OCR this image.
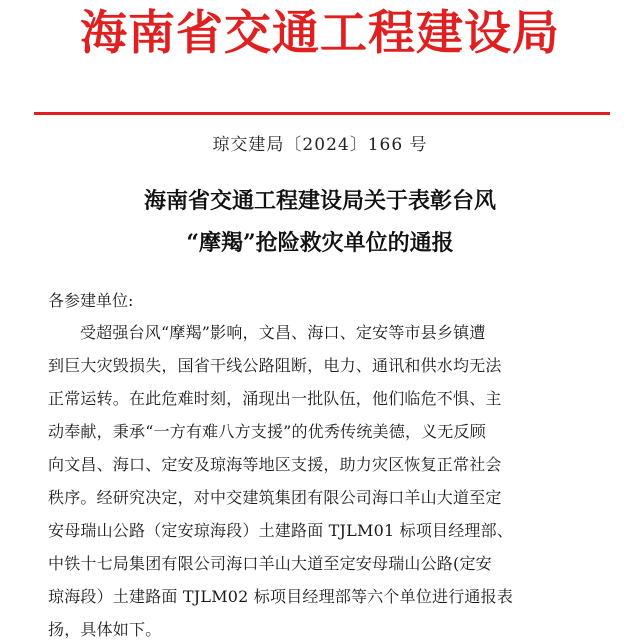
海南省交通工程建设局
琼交建局〔2024〕166 号
海南省交通工程建设局关于表彰台风
“摩羯”抢险救灾单位的通报
各参建单位:
受超强台风“摩羯”影响，文昌、海口、定安等市县乡镇遭
到巨大灾毁损失，国省干线公路阻断，电力、通讯和供水均无法
正常运转。在此危难时刻，涌现出一批队伍，他们临危不惧、主
动奉献，秉承“一方有难八方支援”的优秀传统美德，义无反顾
向文昌、海口、定安及琼海等地区支援，助力灾区恢复正常社会
秩序。经研究决定，对中交建筑集团有限公司海口羊山大道至定
安母瑞山公路（定安琼海段）土建路面 TJLM01 标项目经理部、
中铁十七局集团有限公司海口羊山大道至定安母瑞山公路(定安
琼海段）土建路面 TJLM02 标项目经理部等六个单位进行通报表
扬，具体如下。
